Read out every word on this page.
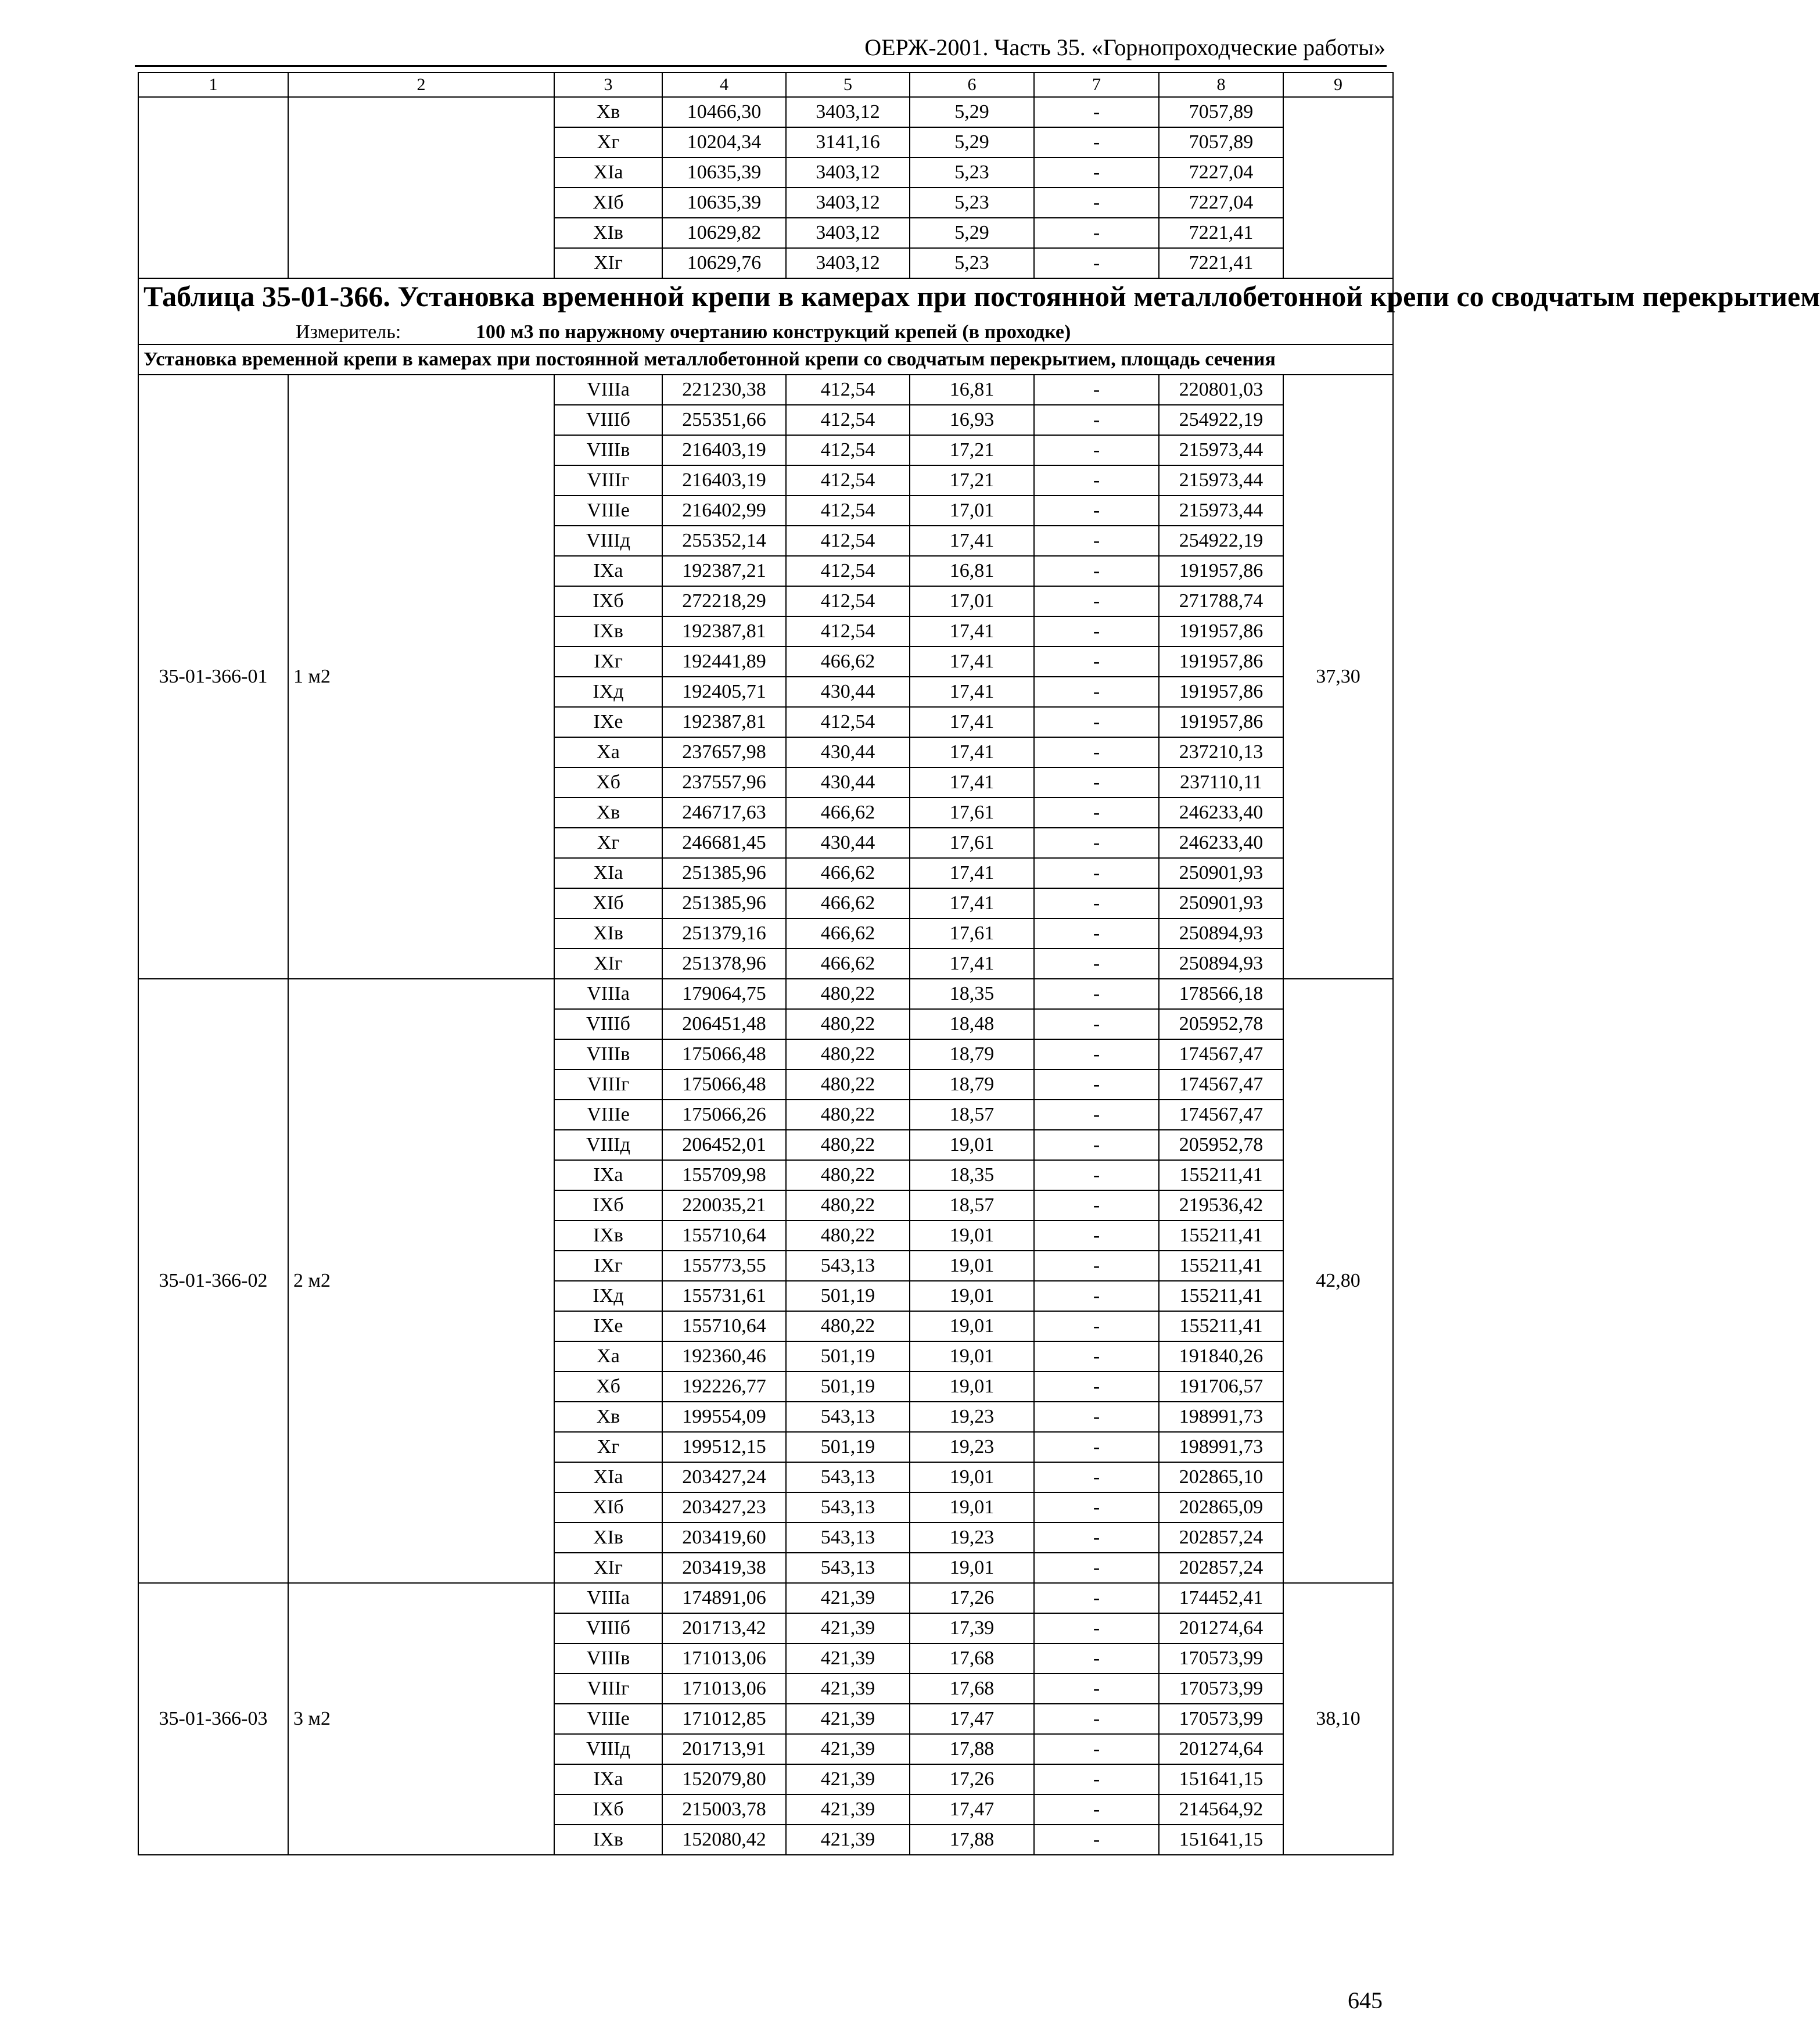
ОЕРЖ-2001. Часть 35. «Горнопроходческие работы»
1	2	3	4	5	6	7	8	9
		Хв	10466,30	3403,12	5,29	-	7057,89	
		Хг	10204,34	3141,16	5,29	-	7057,89	
		XIa	10635,39	3403,12	5,23	-	7227,04	
		XIб	10635,39	3403,12	5,23	-	7227,04	
		XIв	10629,82	3403,12	5,29	-	7221,41	
		XIг	10629,76	3403,12	5,23	-	7221,41	

Таблица 35-01-366. Установка временной крепи в камерах при постоянной металлобетонной крепи со сводчатым перекрытием
Измеритель: 100 м3 по наружному очертанию конструкций крепей (в проходке)								

Установка временной крепи в камерах при постоянной металлобетонной крепи со сводчатым перекрытием, площадь сечения								
35-01-366-01	1 м2	VIIIa	221230,38	412,54	16,81	-	220801,03	37,30
		VIIIб	255351,66	412,54	16,93	-	254922,19	
		VIIIв	216403,19	412,54	17,21	-	215973,44	
		VIIIг	216403,19	412,54	17,21	-	215973,44	
		VIIIe	216402,99	412,54	17,01	-	215973,44	
		VIIIд	255352,14	412,54	17,41	-	254922,19	
		IXa	192387,21	412,54	16,81	-	191957,86	
		IXб	272218,29	412,54	17,01	-	271788,74	
		IXв	192387,81	412,54	17,41	-	191957,86	
		IXг	192441,89	466,62	17,41	-	191957,86	
		IXд	192405,71	430,44	17,41	-	191957,86	
		IXe	192387,81	412,54	17,41	-	191957,86	
		Xa	237657,98	430,44	17,41	-	237210,13	
		Хб	237557,96	430,44	17,41	-	237110,11	
		Хв	246717,63	466,62	17,61	-	246233,40	
		Хг	246681,45	430,44	17,61	-	246233,40	
		XIa	251385,96	466,62	17,41	-	250901,93	
		XIб	251385,96	466,62	17,41	-	250901,93	
		XIв	251379,16	466,62	17,61	-	250894,93	
		XIг	251378,96	466,62	17,41	-	250894,93	
35-01-366-02	2 м2	VIIIa	179064,75	480,22	18,35	-	178566,18	42,80
		VIIIб	206451,48	480,22	18,48	-	205952,78	
		VIIIв	175066,48	480,22	18,79	-	174567,47	
		VIIIг	175066,48	480,22	18,79	-	174567,47	
		VIIIe	175066,26	480,22	18,57	-	174567,47	
		VIIIд	206452,01	480,22	19,01	-	205952,78	
		IXa	155709,98	480,22	18,35	-	155211,41	
		IXб	220035,21	480,22	18,57	-	219536,42	
		IXв	155710,64	480,22	19,01	-	155211,41	
		IXг	155773,55	543,13	19,01	-	155211,41	
		IXд	155731,61	501,19	19,01	-	155211,41	
		IXe	155710,64	480,22	19,01	-	155211,41	
		Xa	192360,46	501,19	19,01	-	191840,26	
		Хб	192226,77	501,19	19,01	-	191706,57	
		Хв	199554,09	543,13	19,23	-	198991,73	
		Хг	199512,15	501,19	19,23	-	198991,73	
		XIa	203427,24	543,13	19,01	-	202865,10	
		XIб	203427,23	543,13	19,01	-	202865,09	
		XIв	203419,60	543,13	19,23	-	202857,24	
		XIг	203419,38	543,13	19,01	-	202857,24	
35-01-366-03	3 м2	VIIIa	174891,06	421,39	17,26	-	174452,41	38,10
		VIIIб	201713,42	421,39	17,39	-	201274,64	
		VIIIв	171013,06	421,39	17,68	-	170573,99	
		VIIIг	171013,06	421,39	17,68	-	170573,99	
		VIIIe	171012,85	421,39	17,47	-	170573,99	
		VIIIд	201713,91	421,39	17,88	-	201274,64	
		IXa	152079,80	421,39	17,26	-	151641,15	
		IXб	215003,78	421,39	17,47	-	214564,92	
		IXв	152080,42	421,39	17,88	-	151641,15	
645
